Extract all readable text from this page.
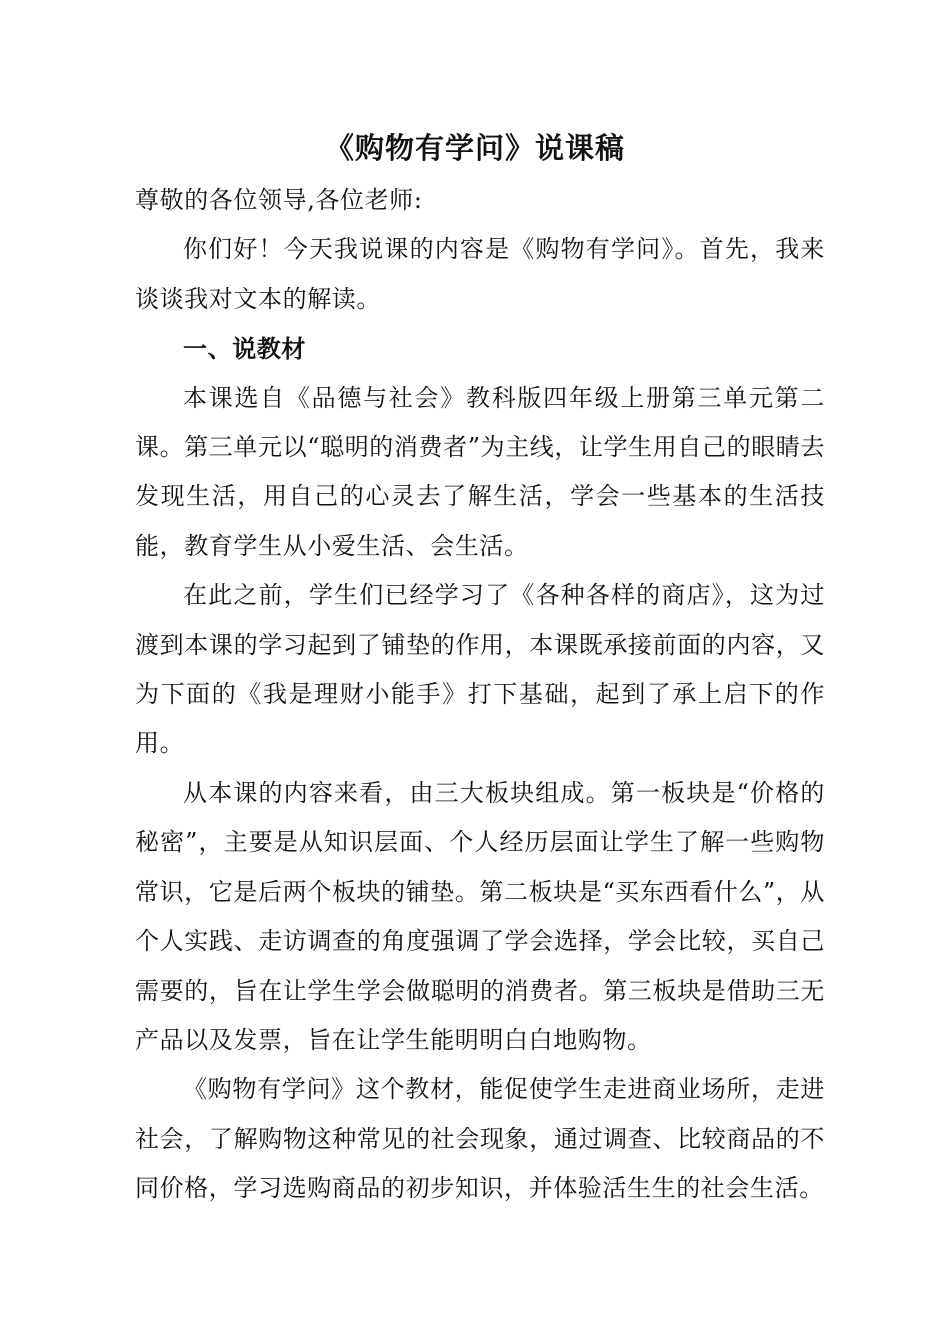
《购物有学问》说课稿

尊敬的各位领导,各位老师:

你们好！今天我说课的内容是《购物有学问》。首先，我来谈谈我对文本的解读。

一、说教材

本课选自《品德与社会》教科版四年级上册第三单元第二课。第三单元以“聪明的消费者”为主线，让学生用自己的眼睛去发现生活，用自己的心灵去了解生活，学会一些基本的生活技能，教育学生从小爱生活、会生活。

在此之前，学生们已经学习了《各种各样的商店》，这为过渡到本课的学习起到了铺垫的作用，本课既承接前面的内容，又为下面的《我是理财小能手》打下基础，起到了承上启下的作用。

从本课的内容来看，由三大板块组成。第一板块是“价格的秘密”，主要是从知识层面、个人经历层面让学生了解一些购物常识，它是后两个板块的铺垫。第二板块是“买东西看什么”，从个人实践、走访调查的角度强调了学会选择，学会比较，买自己需要的，旨在让学生学会做聪明的消费者。第三板块是借助三无产品以及发票，旨在让学生能明明白白地购物。

《购物有学问》这个教材，能促使学生走进商业场所，走进社会，了解购物这种常见的社会现象，通过调查、比较商品的不同价格，学习选购商品的初步知识，并体验活生生的社会生活。
